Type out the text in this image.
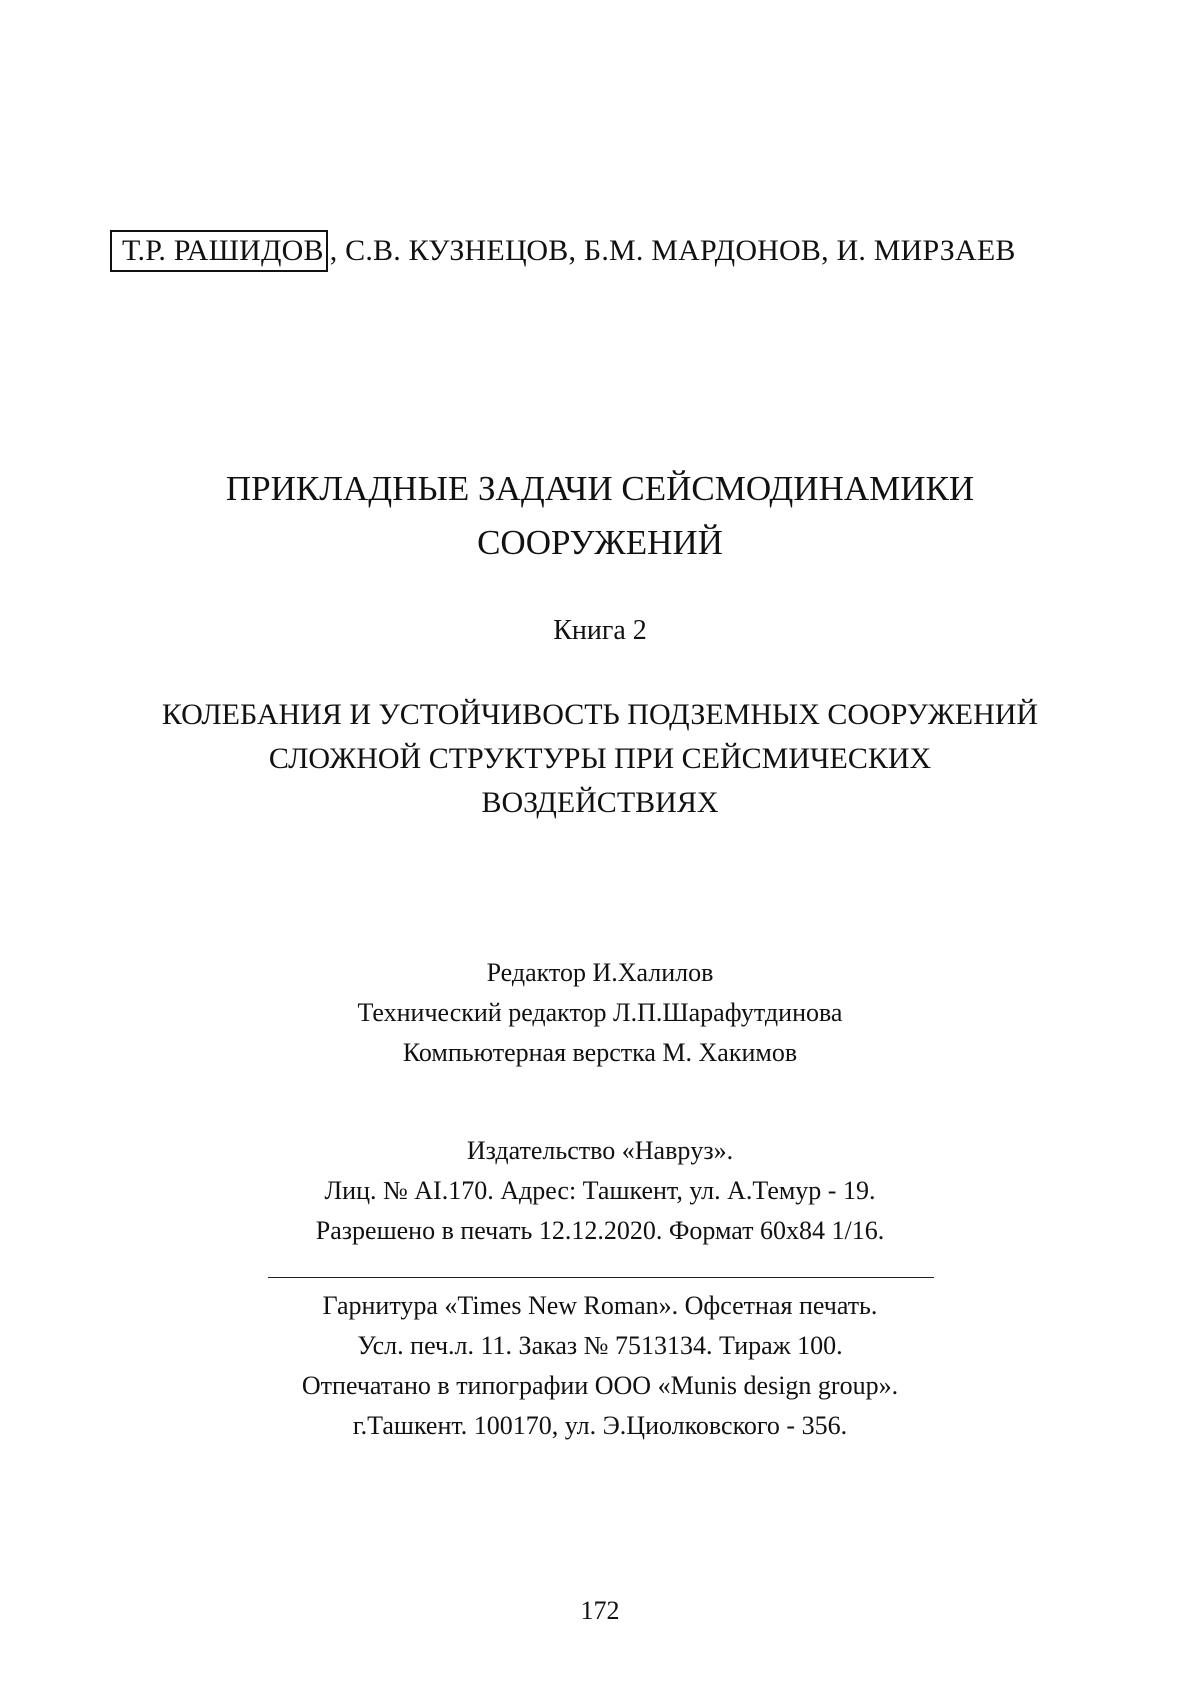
Т.Р. РАШИДОВ , С.В. КУЗНЕЦОВ, Б.М. МАРДОНОВ, И. МИРЗАЕВ
ПРИКЛАДНЫЕ ЗАДАЧИ СЕЙСМОДИНАМИКИ
СООРУЖЕНИЙ
Книга 2
КОЛЕБАНИЯ И УСТОЙЧИВОСТЬ ПОДЗЕМНЫХ СООРУЖЕНИЙ
СЛОЖНОЙ СТРУКТУРЫ ПРИ СЕЙСМИЧЕСКИХ
ВОЗДЕЙСТВИЯХ
Редактор И.Халилов
Технический редактор Л.П.Шарафутдинова
Компьютерная верстка М. Хакимов
Издательство «Наврyз».
Лиц. № AI.170. Адрес: Ташкент, ул. А.Темур - 19.
Разрешено в печать 12.12.2020. Формат 60x84 1/16.
Гарнитура «Times New Roman». Офсетная печать.
Усл. печ.л. 11. Заказ № 7513134. Тираж 100.
Отпечатано в типографии ООО «Munis design group».
г.Ташкент. 100170, ул. Э.Циолковского - 356.
172
